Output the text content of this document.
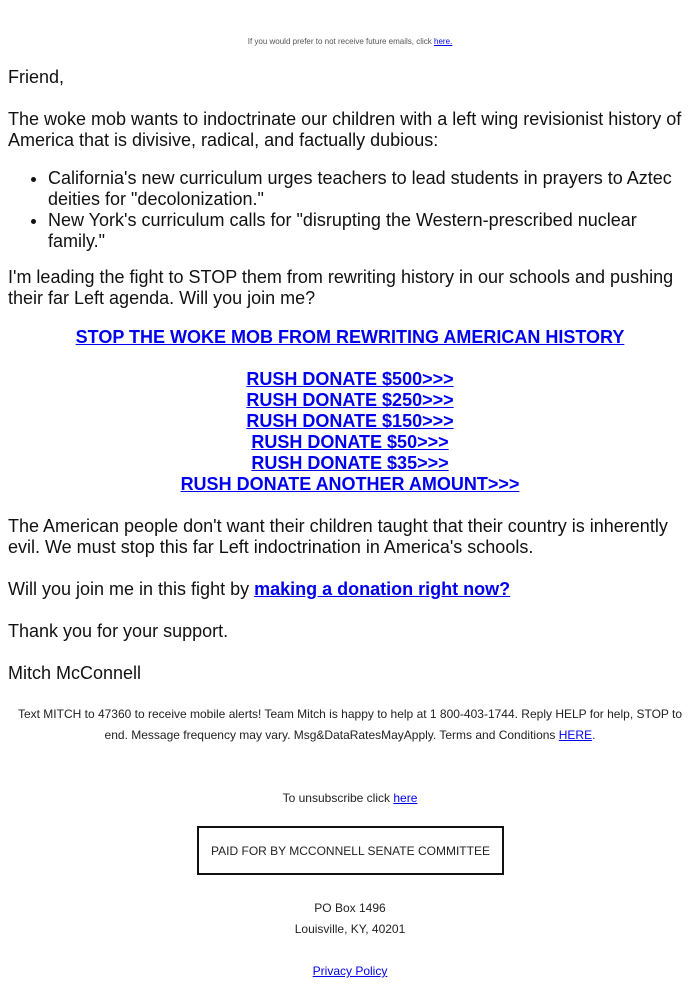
If you would prefer to not receive future emails, click here.

Friend,

The woke mob wants to indoctrinate our children with a left wing revisionist history of America that is divisive, radical, and factually dubious:

• California's new curriculum urges teachers to lead students in prayers to Aztec deities for "decolonization."
• New York's curriculum calls for "disrupting the Western-prescribed nuclear family."

I'm leading the fight to STOP them from rewriting history in our schools and pushing their far Left agenda. Will you join me?

STOP THE WOKE MOB FROM REWRITING AMERICAN HISTORY
RUSH DONATE $500>>>
RUSH DONATE $250>>>
RUSH DONATE $150>>>
RUSH DONATE $50>>>
RUSH DONATE $35>>>
RUSH DONATE ANOTHER AMOUNT>>>

The American people don't want their children taught that their country is inherently evil. We must stop this far Left indoctrination in America's schools.

Will you join me in this fight by making a donation right now?

Thank you for your support.

Mitch McConnell

Text MITCH to 47360 to receive mobile alerts! Team Mitch is happy to help at 1 800-403-1744. Reply HELP for help, STOP to end. Message frequency may vary. Msg&DataRatesMayApply. Terms and Conditions HERE.
To unsubscribe click here
PAID FOR BY MCCONNELL SENATE COMMITTEE
PO Box 1496
Louisville, KY, 40201
Privacy Policy
